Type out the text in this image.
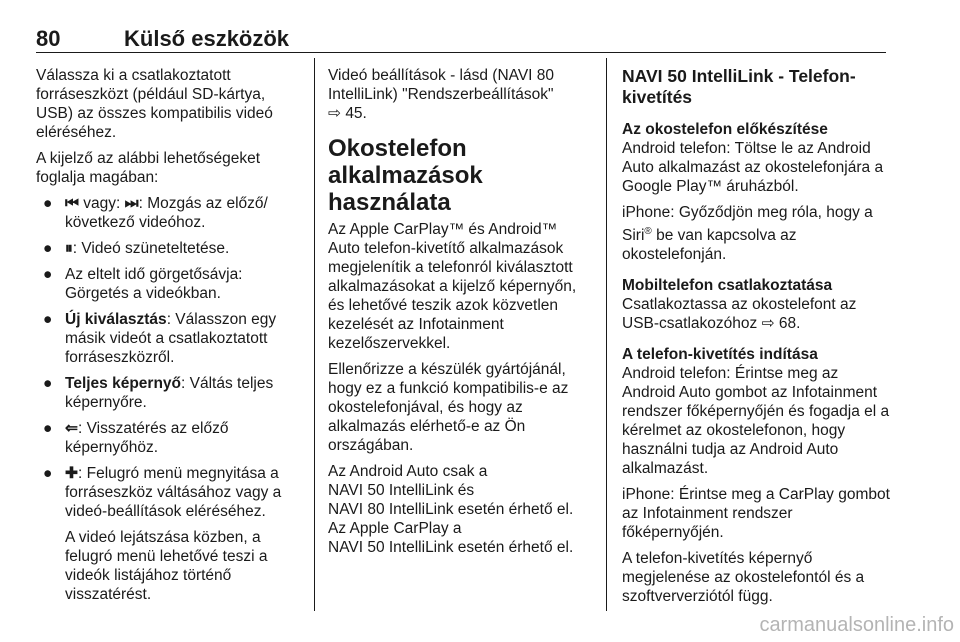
80	Külső eszközök

Válassza ki a csatlakoztatott forráseszközt (például SD-kártya, USB) az összes kompatibilis videó eléréséhez.

A kijelző az alábbi lehetőségeket foglalja magában:

● ⏮ vagy: ⏭: Mozgás az előző/ következő videóhoz.
● ⏸: Videó szüneteltetése.
● Az eltelt idő görgetősávja: Görgetés a videókban.
● Új kiválasztás: Válasszon egy másik videót a csatlakoztatott forráseszközről.
● Teljes képernyő: Váltás teljes képernyőre.
● ⇐: Visszatérés az előző képernyőhöz.
● ✚: Felugró menü megnyitása a forráseszköz váltásához vagy a videó-beállítások eléréséhez.

A videó lejátszása közben, a felugró menü lehetővé teszi a videók listájához történő visszatérést.

Videó beállítások - lásd (NAVI 80 IntelliLink) "Rendszerbeállítások"
⇨ 45.

Okostelefon alkalmazások használata

Az Apple CarPlay™ és Android™ Auto telefon-kivetítő alkalmazások megjelenítik a telefonról kiválasztott alkalmazásokat a kijelző képernyőn, és lehetővé teszik azok közvetlen kezelését az Infotainment kezelőszervekkel.

Ellenőrizze a készülék gyártójánál, hogy ez a funkció kompatibilis-e az okostelefonjával, és hogy az alkalmazás elérhető-e az Ön országában.

Az Android Auto csak a
NAVI 50 IntelliLink és
NAVI 80 IntelliLink esetén érhető el.
Az Apple CarPlay a
NAVI 50 IntelliLink esetén érhető el.

NAVI 50 IntelliLink - Telefon-kivetítés

Az okostelefon előkészítése

Android telefon: Töltse le az Android Auto alkalmazást az okostelefonjára a Google Play™ áruházból.

iPhone: Győződjön meg róla, hogy a Siri® be van kapcsolva az okostelefonján.

Mobiltelefon csatlakoztatása

Csatlakoztassa az okostelefont az USB-csatlakozóhoz ⇨ 68.

A telefon-kivetítés indítása

Android telefon: Érintse meg az Android Auto gombot az Infotainment rendszer főképernyőjén és fogadja el a kérelmet az okostelefonon, hogy használni tudja az Android Auto alkalmazást.

iPhone: Érintse meg a CarPlay gombot az Infotainment rendszer főképernyőjén.

A telefon-kivetítés képernyő megjelenése az okostelefontól és a szoftververziótól függ.

carmanualsonline.info
